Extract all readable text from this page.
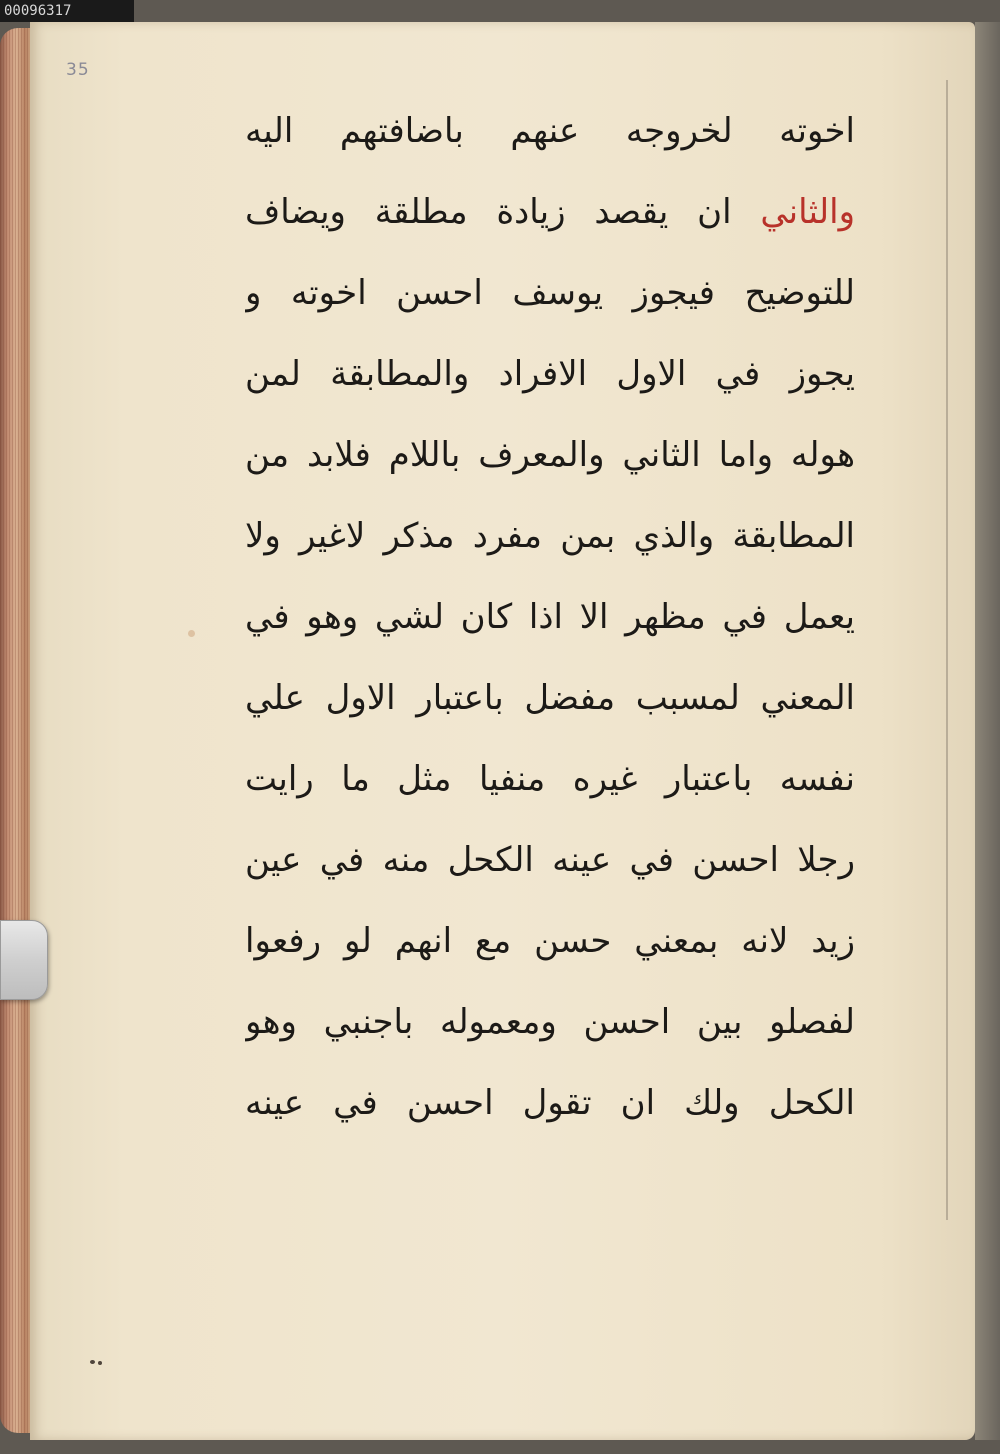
00096317
35
اخوته لخروجه عنهم باضافتهم اليه
والثاني ان يقصد زيادة مطلقة ويضاف
للتوضيح فيجوز يوسف احسن اخوته و
يجوز في الاول الافراد والمطابقة لمن
هوله واما الثاني والمعرف باللام فلابد من
المطابقة والذي بمن مفرد مذكر لاغير ولا
يعمل في مظهر الا اذا كان لشي وهو في
المعني لمسبب مفضل باعتبار الاول علي
نفسه باعتبار غيره منفيا مثل ما رايت
رجلا احسن في عينه الكحل منه في عين
زيد لانه بمعني حسن مع انهم لو رفعوا
لفصلو بين احسن ومعموله باجنبي وهو
الكحل ولك ان تقول احسن في عينه
